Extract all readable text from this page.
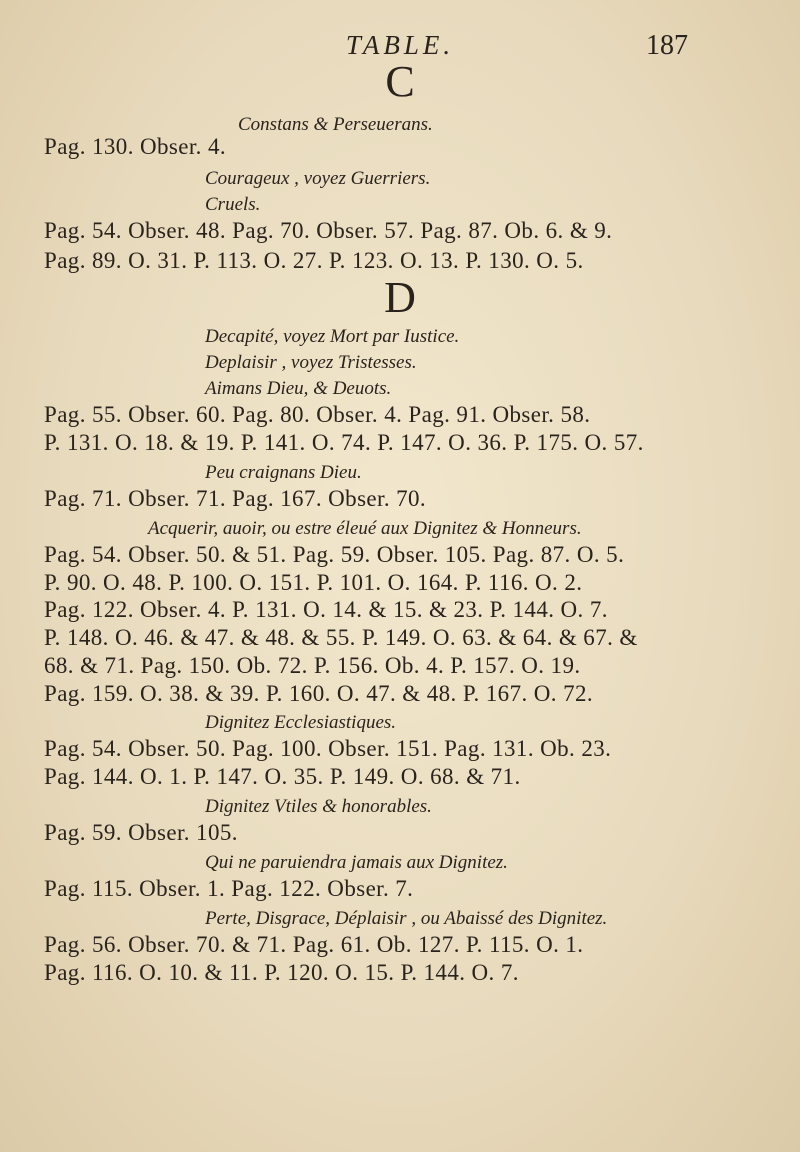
TABLE.	187
C
Constans & Perseuerans.
Pag. 130. Obser. 4.
Courageux , voyez Guerriers.
Cruels.
Pag. 54. Obser. 48. Pag. 70. Obser. 57. Pag. 87. Ob. 6. & 9.
Pag. 89. O. 31. P. 113. O. 27. P. 123. O. 13. P. 130. O. 5.
D
Decapité, voyez Mort par Iustice.
Deplaisir , voyez Tristesses.
Aimans Dieu, & Deuots.
Pag. 55. Obser. 60. Pag. 80. Obser. 4. Pag. 91. Obser. 58.
P. 131. O. 18. & 19. P. 141. O. 74. P. 147. O. 36. P. 175. O. 57.
Peu craignans Dieu.
Pag. 71. Obser. 71. Pag. 167. Obser. 70.
Acquerir, auoir, ou estre éleué aux Dignitez & Honneurs.
Pag. 54. Obser. 50. & 51. Pag. 59. Obser. 105. Pag. 87. O. 5.
P. 90. O. 48. P. 100. O. 151. P. 101. O. 164. P. 116. O. 2.
Pag. 122. Obser. 4. P. 131. O. 14. & 15. & 23. P. 144. O. 7.
P. 148. O. 46. & 47. & 48. & 55. P. 149. O. 63. & 64. & 67. &
68. & 71. Pag. 150. Ob. 72. P. 156. Ob. 4. P. 157. O. 19.
Pag. 159. O. 38. & 39. P. 160. O. 47. & 48. P. 167. O. 72.
Dignitez Ecclesiastiques.
Pag. 54. Obser. 50. Pag. 100. Obser. 151. Pag. 131. Ob. 23.
Pag. 144. O. 1. P. 147. O. 35. P. 149. O. 68. & 71.
Dignitez Vtiles & honorables.
Pag. 59. Obser. 105.
Qui ne paruiendra jamais aux Dignitez.
Pag. 115. Obser. 1. Pag. 122. Obser. 7.
Perte, Disgrace, Déplaisir , ou Abaissé des Dignitez.
Pag. 56. Obser. 70. & 71. Pag. 61. Ob. 127. P. 115. O. 1.
Pag. 116. O. 10. & 11. P. 120. O. 15. P. 144. O. 7.
